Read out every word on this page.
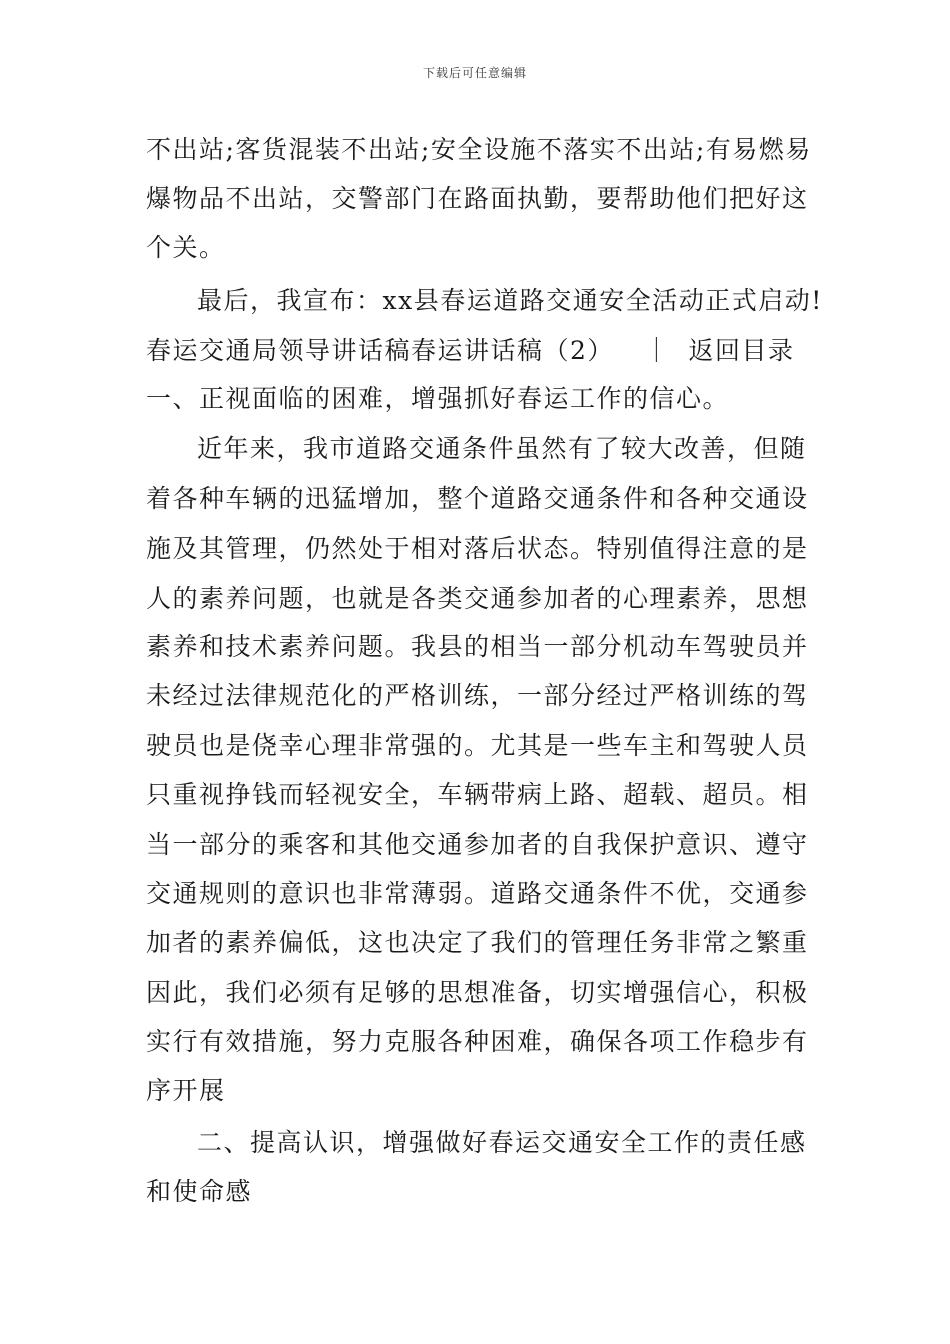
下载后可任意编辑
不出站;客货混装不出站;安全设施不落实不出站;有易燃易
爆物品不出站，交警部门在路面执勤，要帮助他们把好这
个关。
最后，我宣布：xx县春运道路交通安全活动正式启动!
春运交通局领导讲话稿春运讲话稿（2） ｜ 返回目录
一、正视面临的困难，增强抓好春运工作的信心。
近年来，我市道路交通条件虽然有了较大改善，但随
着各种车辆的迅猛增加，整个道路交通条件和各种交通设
施及其管理，仍然处于相对落后状态。特别值得注意的是
人的素养问题，也就是各类交通参加者的心理素养，思想
素养和技术素养问题。我县的相当一部分机动车驾驶员并
未经过法律规范化的严格训练，一部分经过严格训练的驾
驶员也是侥幸心理非常强的。尤其是一些车主和驾驶人员
只重视挣钱而轻视安全，车辆带病上路、超载、超员。相
当一部分的乘客和其他交通参加者的自我保护意识、遵守
交通规则的意识也非常薄弱。道路交通条件不优，交通参
加者的素养偏低，这也决定了我们的管理任务非常之繁重
因此，我们必须有足够的思想准备，切实增强信心，积极
实行有效措施，努力克服各种困难，确保各项工作稳步有
序开展
二、提高认识，增强做好春运交通安全工作的责任感
和使命感
